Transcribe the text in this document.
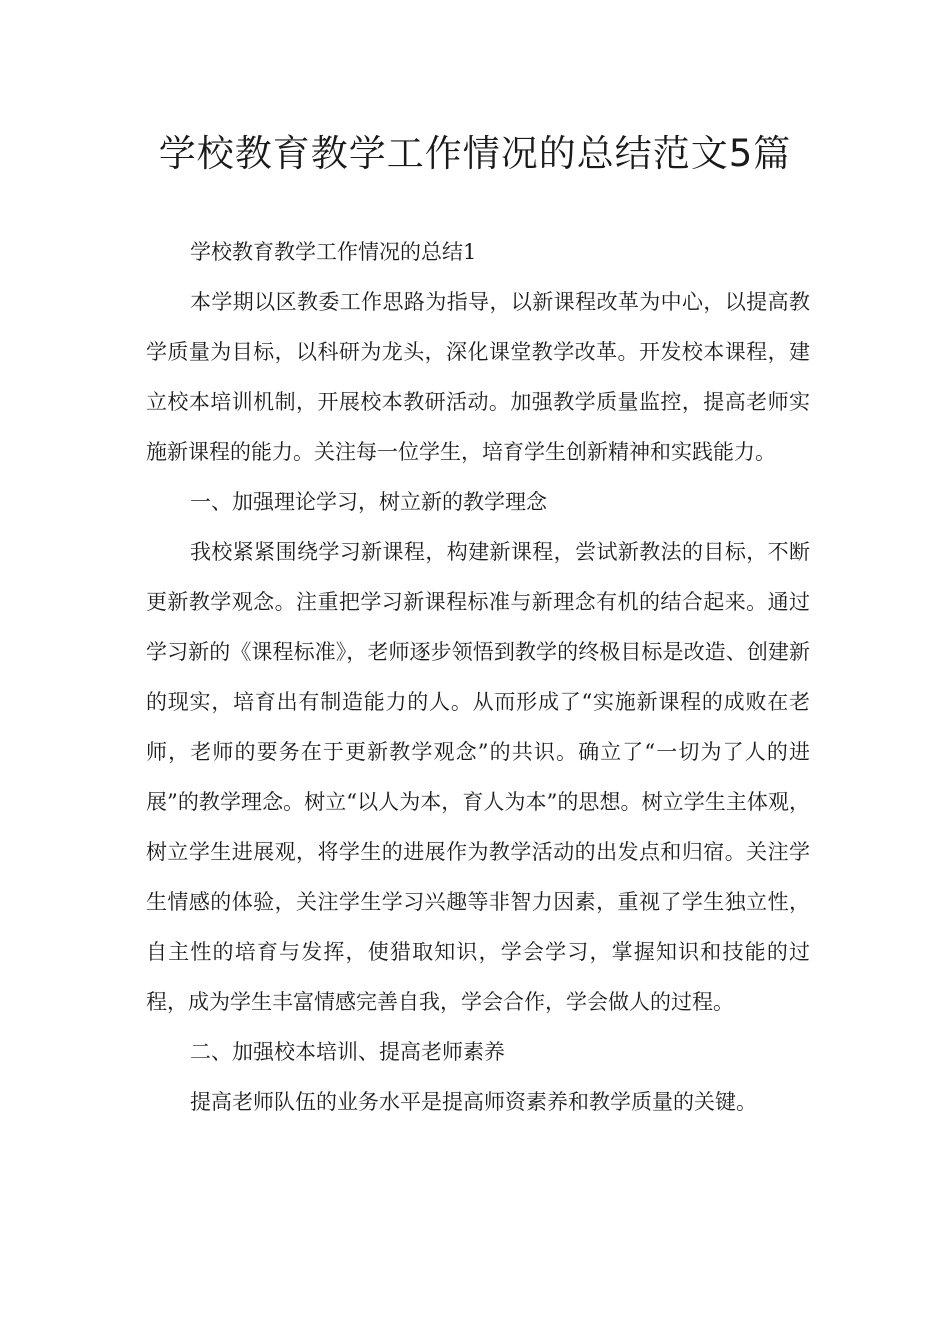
学校教育教学工作情况的总结范文5篇

学校教育教学工作情况的总结1

本学期以区教委工作思路为指导，以新课程改革为中心，以提高教学质量为目标，以科研为龙头，深化课堂教学改革。开发校本课程，建立校本培训机制，开展校本教研活动。加强教学质量监控，提高老师实施新课程的能力。关注每一位学生，培育学生创新精神和实践能力。

一、加强理论学习，树立新的教学理念

我校紧紧围绕学习新课程，构建新课程，尝试新教法的目标，不断更新教学观念。注重把学习新课程标准与新理念有机的结合起来。通过学习新的《课程标准》，老师逐步领悟到教学的终极目标是改造、创建新的现实，培育出有制造能力的人。从而形成了“实施新课程的成败在老师，老师的要务在于更新教学观念”的共识。确立了“一切为了人的进展”的教学理念。树立“以人为本，育人为本”的思想。树立学生主体观，树立学生进展观，将学生的进展作为教学活动的出发点和归宿。关注学生情感的体验，关注学生学习兴趣等非智力因素，重视了学生独立性，自主性的培育与发挥，使猎取知识，学会学习，掌握知识和技能的过程，成为学生丰富情感完善自我，学会合作，学会做人的过程。

二、加强校本培训、提高老师素养

提高老师队伍的业务水平是提高师资素养和教学质量的关键。
